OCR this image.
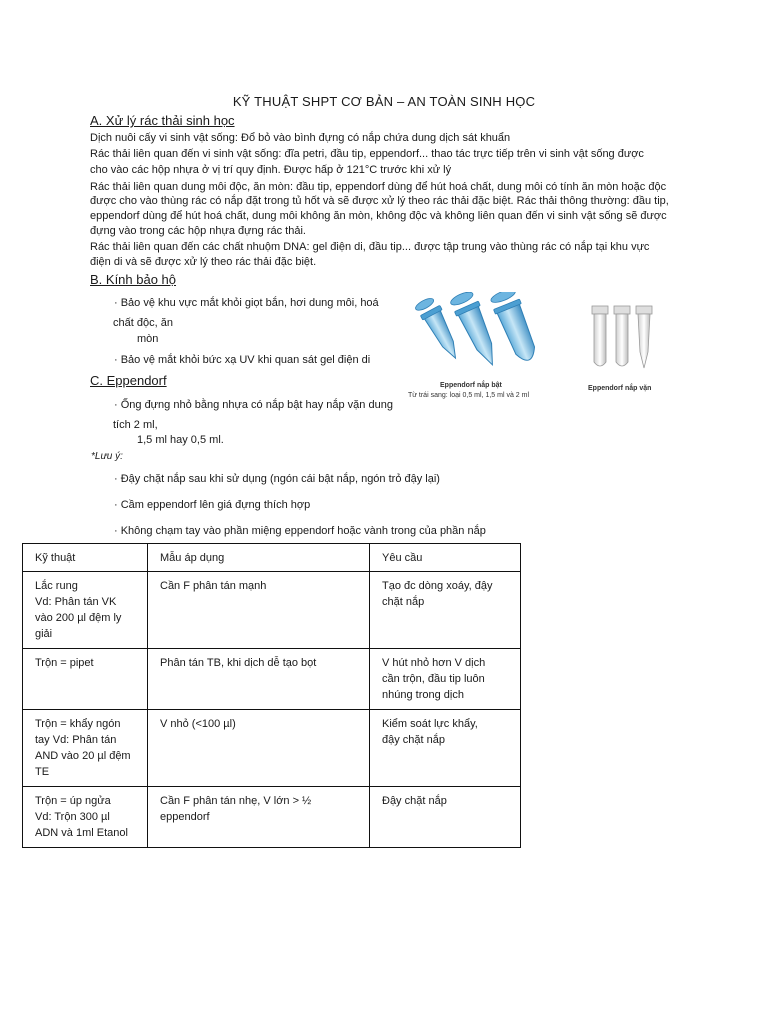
KỸ THUẬT SHPT CƠ BẢN – AN TOÀN SINH HỌC
A. Xử lý rác thải sinh học
Dịch nuôi cấy vi sinh vật sống: Đổ bỏ vào bình đựng có nắp chứa dung dịch sát khuẩn
Rác thải liên quan đến vi sinh vật sống: đĩa petri, đầu tip, eppendorf... thao tác trực tiếp trên vi sinh vật sống được
cho vào các hộp nhựa ở vị trí quy định. Được hấp ở 121°C trước khi xử lý
Rác thải liên quan dung môi độc, ăn mòn: đầu tip, eppendorf dùng để hút hoá chất, dung môi có tính ăn mòn hoặc độc
được cho vào thùng rác có nắp đặt trong tủ hốt và sẽ được xử lý theo rác thải đặc biệt. Rác thải thông thường: đầu tip,
eppendorf dùng để hút hoá chất, dung môi không ăn mòn, không độc và không liên quan đến vi sinh vật sống sẽ được
đựng vào trong các hộp nhựa đựng rác thải.
Rác thải liên quan đến các chất nhuộm DNA: gel điện di, đầu tip... được tập trung vào thùng rác có nắp tại khu vực
điện di và sẽ được xử lý theo rác thải đặc biệt.
B. Kính bảo hộ
· Bảo vệ khu vực mắt khỏi giọt bắn, hơi dung môi, hoá
chất độc, ăn
mòn
· Bảo vệ mắt khỏi bức xạ UV khi quan sát gel điện di
C. Eppendorf
· Ống đựng nhỏ bằng nhựa có nắp bật hay nắp vặn dung
tích 2 ml,
1,5 ml hay 0,5 ml.
*Lưu ý:
· Đậy chặt nắp sau khi sử dụng (ngón cái bật nắp, ngón trỏ đậy lại)
· Cầm eppendorf lên giá đựng thích hợp
· Không chạm tay vào phần miệng eppendorf hoặc vành trong của phần nắp
Eppendorf nắp bật
Từ trái sang: loại 0,5 ml, 1,5 ml và 2 ml
Eppendorf nắp vặn
Kỹ thuật	Mẫu áp dụng	Yêu cầu

Lắc rung
Vd: Phân tán VK
vào 200 µl đệm ly
giải	Cần F phân tán mạnh	Tạo đc dòng xoáy, đậy
chặt nắp

Trộn = pipet	Phân tán TB, khi dịch dễ tạo bọt	V hút nhỏ hơn V dịch
cần trộn, đầu tip luôn
nhúng trong dịch

Trộn = khẩy ngón
tay Vd: Phân tán
AND vào 20 µl đệm
TE	V nhỏ (<100 µl)	Kiểm soát lực khẩy,
đậy chặt nắp

Trộn = úp ngửa
Vd: Trộn 300 µl
ADN và 1ml Etanol	Cần F phân tán nhẹ, V lớn > ½ eppendorf	Đậy chặt nắp
